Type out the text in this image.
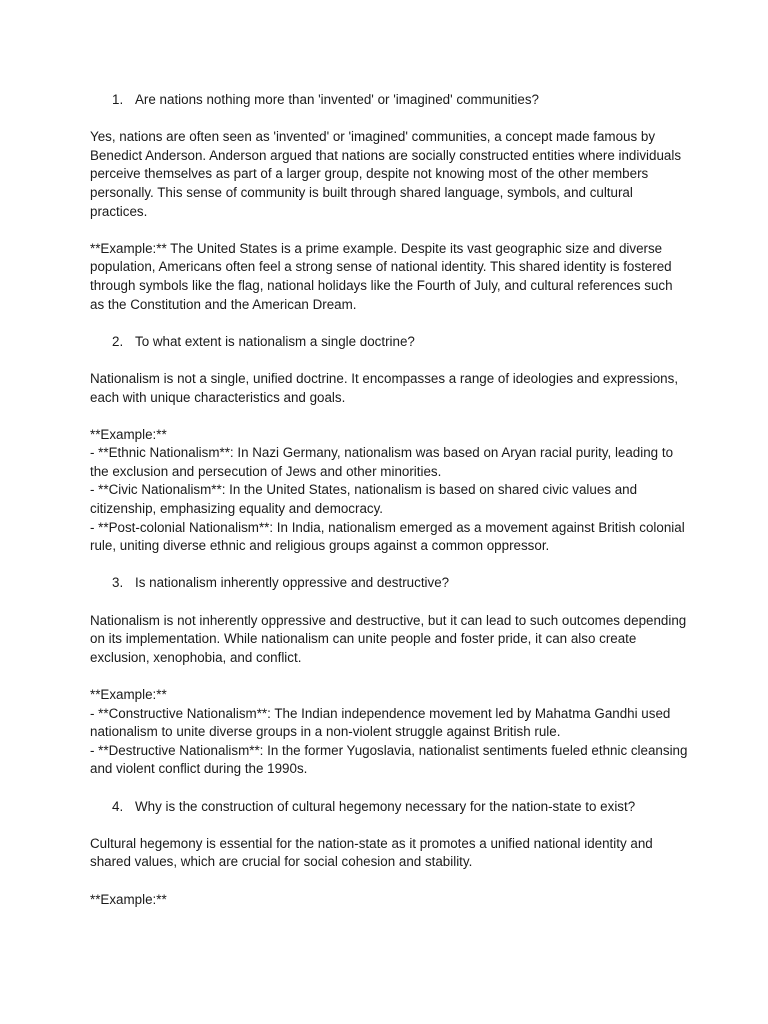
1. Are nations nothing more than 'invented' or 'imagined' communities?

Yes, nations are often seen as 'invented' or 'imagined' communities, a concept made famous by Benedict Anderson. Anderson argued that nations are socially constructed entities where individuals perceive themselves as part of a larger group, despite not knowing most of the other members personally. This sense of community is built through shared language, symbols, and cultural practices.

**Example:** The United States is a prime example. Despite its vast geographic size and diverse population, Americans often feel a strong sense of national identity. This shared identity is fostered through symbols like the flag, national holidays like the Fourth of July, and cultural references such as the Constitution and the American Dream.

2. To what extent is nationalism a single doctrine?

Nationalism is not a single, unified doctrine. It encompasses a range of ideologies and expressions, each with unique characteristics and goals.

**Example:**
- **Ethnic Nationalism**: In Nazi Germany, nationalism was based on Aryan racial purity, leading to the exclusion and persecution of Jews and other minorities.
- **Civic Nationalism**: In the United States, nationalism is based on shared civic values and citizenship, emphasizing equality and democracy.
- **Post-colonial Nationalism**: In India, nationalism emerged as a movement against British colonial rule, uniting diverse ethnic and religious groups against a common oppressor.

3. Is nationalism inherently oppressive and destructive?

Nationalism is not inherently oppressive and destructive, but it can lead to such outcomes depending on its implementation. While nationalism can unite people and foster pride, it can also create exclusion, xenophobia, and conflict.

**Example:**
- **Constructive Nationalism**: The Indian independence movement led by Mahatma Gandhi used nationalism to unite diverse groups in a non-violent struggle against British rule.
- **Destructive Nationalism**: In the former Yugoslavia, nationalist sentiments fueled ethnic cleansing and violent conflict during the 1990s.

4. Why is the construction of cultural hegemony necessary for the nation-state to exist?

Cultural hegemony is essential for the nation-state as it promotes a unified national identity and shared values, which are crucial for social cohesion and stability.

**Example:**
